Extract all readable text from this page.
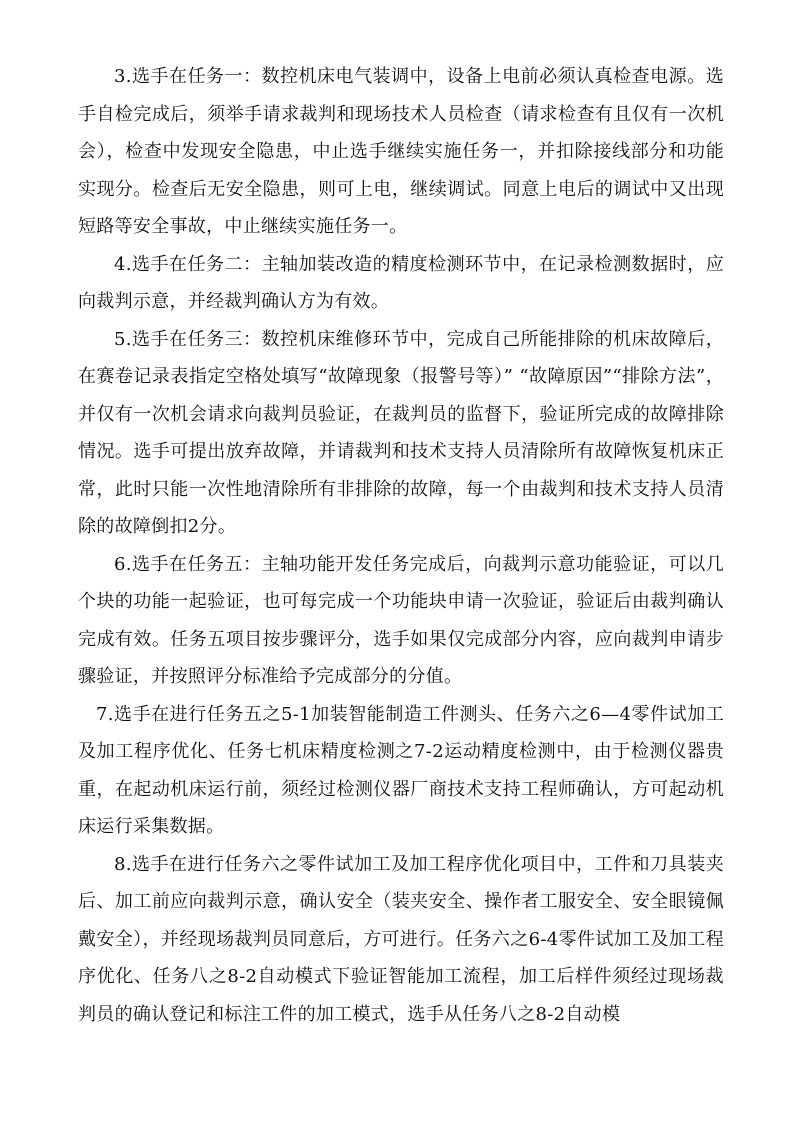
3.选手在任务一：数控机床电气装调中，设备上电前必须认真检查电源。选手自检完成后，须举手请求裁判和现场技术人员检查（请求检查有且仅有一次机会），检查中发现安全隐患，中止选手继续实施任务一，并扣除接线部分和功能实现分。检查后无安全隐患，则可上电，继续调试。同意上电后的调试中又出现短路等安全事故，中止继续实施任务一。

4.选手在任务二：主轴加装改造的精度检测环节中，在记录检测数据时，应向裁判示意，并经裁判确认方为有效。

5.选手在任务三：数控机床维修环节中，完成自己所能排除的机床故障后，在赛卷记录表指定空格处填写“故障现象（报警号等）” “故障原因”“排除方法”，并仅有一次机会请求向裁判员验证，在裁判员的监督下，验证所完成的故障排除情况。选手可提出放弃故障，并请裁判和技术支持人员清除所有故障恢复机床正常，此时只能一次性地清除所有非排除的故障，每一个由裁判和技术支持人员清除的故障倒扣2分。

6.选手在任务五：主轴功能开发任务完成后，向裁判示意功能验证，可以几个块的功能一起验证，也可每完成一个功能块申请一次验证，验证后由裁判确认完成有效。任务五项目按步骤评分，选手如果仅完成部分内容，应向裁判申请步骤验证，并按照评分标准给予完成部分的分值。

7.选手在进行任务五之5-1加装智能制造工件测头、任务六之6—4零件试加工及加工程序优化、任务七机床精度检测之7-2运动精度检测中，由于检测仪器贵重，在起动机床运行前，须经过检测仪器厂商技术支持工程师确认，方可起动机床运行采集数据。

8.选手在进行任务六之零件试加工及加工程序优化项目中，工件和刀具装夹后、加工前应向裁判示意，确认安全（装夹安全、操作者工服安全、安全眼镜佩戴安全），并经现场裁判员同意后，方可进行。任务六之6-4零件试加工及加工程序优化、任务八之8-2自动模式下验证智能加工流程，加工后样件须经过现场裁判员的确认登记和标注工件的加工模式，选手从任务八之8-2自动模
